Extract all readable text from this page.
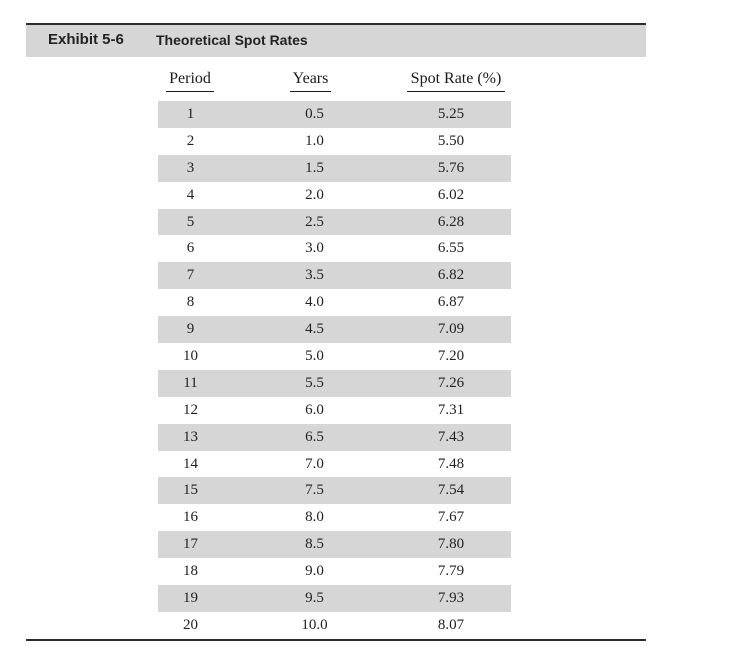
Exhibit 5-6 Theoretical Spot Rates
Period	Years	Spot Rate (%)
1	0.5	5.25
2	1.0	5.50
3	1.5	5.76
4	2.0	6.02
5	2.5	6.28
6	3.0	6.55
7	3.5	6.82
8	4.0	6.87
9	4.5	7.09
10	5.0	7.20
11	5.5	7.26
12	6.0	7.31
13	6.5	7.43
14	7.0	7.48
15	7.5	7.54
16	8.0	7.67
17	8.5	7.80
18	9.0	7.79
19	9.5	7.93
20	10.0	8.07
